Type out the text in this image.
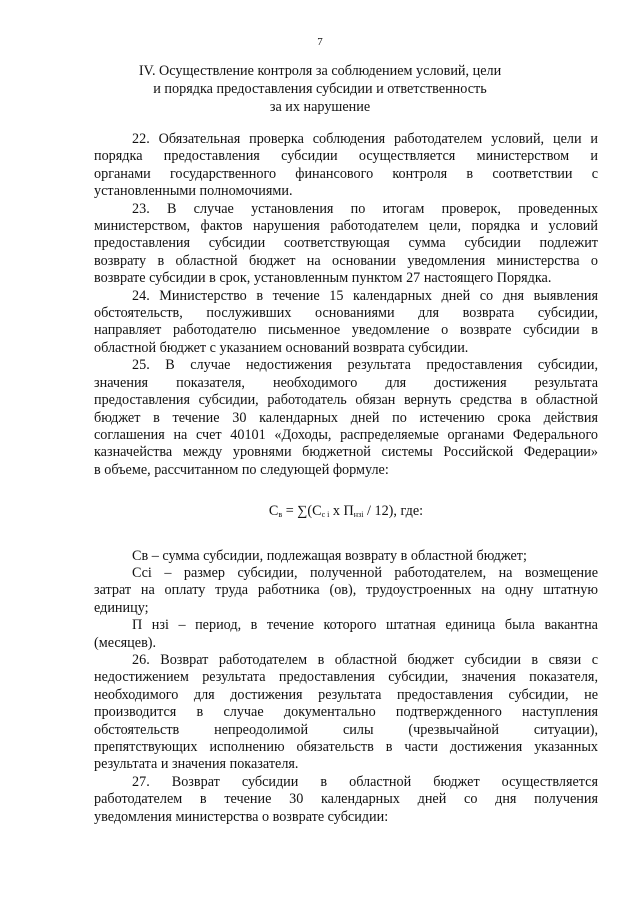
7
IV. Осуществление контроля за соблюдением условий, цели
и порядка предоставления субсидии и ответственность
за их нарушение

22. Обязательная проверка соблюдения работодателем условий, цели и
порядка предоставления субсидии осуществляется министерством и
органами государственного финансового контроля в соответствии с
установленными полномочиями.

23. В случае установления по итогам проверок, проведенных
министерством, фактов нарушения работодателем цели, порядка и условий
предоставления субсидии соответствующая сумма субсидии подлежит
возврату в областной бюджет на основании уведомления министерства о
возврате субсидии в срок, установленным пунктом 27 настоящего Порядка.

24. Министерство в течение 15 календарных дней со дня выявления
обстоятельств, послуживших основаниями для возврата субсидии,
направляет работодателю письменное уведомление о возврате субсидии в
областной бюджет с указанием оснований возврата субсидии.

25. В случае недостижения результата предоставления субсидии,
значения показателя, необходимого для достижения результата
предоставления субсидии, работодатель обязан вернуть средства в областной
бюджет в течение 30 календарных дней по истечению срока действия
соглашения на счет 40101 «Доходы, распределяемые органами Федерального
казначейства между уровнями бюджетной системы Российской Федерации»
в объеме, рассчитанном по следующей формуле:

$С_в = \sum(С_{c i}$ х $П_{нзi} / 12$), где:

Св – сумма субсидии, подлежащая возврату в областной бюджет;

Ссi – размер субсидии, полученной работодателем, на возмещение
затрат на оплату труда работника (ов), трудоустроенных на одну штатную
единицу;

П нзi – период, в течение которого штатная единица была вакантна
(месяцев).

26. Возврат работодателем в областной бюджет субсидии в связи с
недостижением результата предоставления субсидии, значения показателя,
необходимого для достижения результата предоставления субсидии, не
производится в случае документально подтвержденного наступления
обстоятельств непреодолимой силы (чрезвычайной ситуации),
препятствующих исполнению обязательств в части достижения указанных
результата и значения показателя.

27. Возврат субсидии в областной бюджет осуществляется
работодателем в течение 30 календарных дней со дня получения
уведомления министерства о возврате субсидии:
